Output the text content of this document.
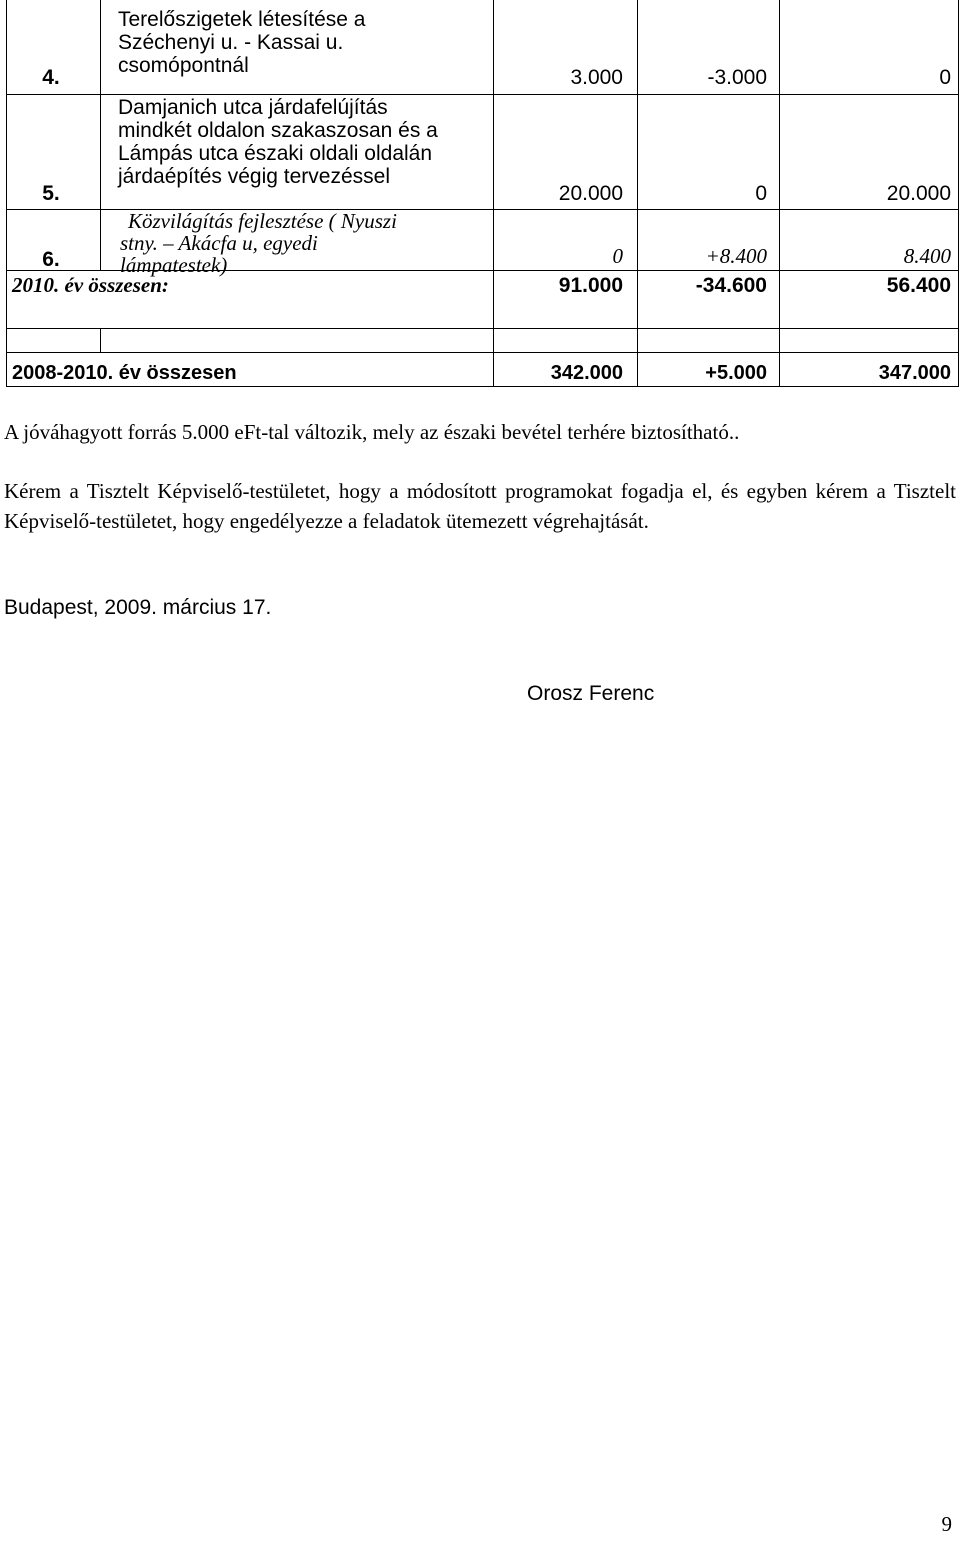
4.
Terelőszigetek létesítése a
Széchenyi u. - Kassai u.
csomópontnál
3.000	-3.000	0
5.
Damjanich utca járdafelújítás
mindkét oldalon szakaszosan és a
Lámpás utca északi oldali oldalán
járdaépítés végig tervezéssel
20.000	0	20.000
6.
Közvilágítás fejlesztése ( Nyuszi
stny. – Akácfa u, egyedi
lámpatestek)	0	+8.400	8.400
2010. év összesen:	91.000	-34.600	56.400
2008-2010. év összesen	342.000	+5.000	347.000
A jóváhagyott forrás 5.000 eFt-tal változik, mely az északi bevétel terhére biztosítható..
Kérem a Tisztelt Képviselő-testületet, hogy a módosított programokat fogadja el, és egyben kérem a Tisztelt Képviselő-testületet, hogy engedélyezze a feladatok ütemezett végrehajtását.
Budapest, 2009. március 17.
Orosz Ferenc
9
